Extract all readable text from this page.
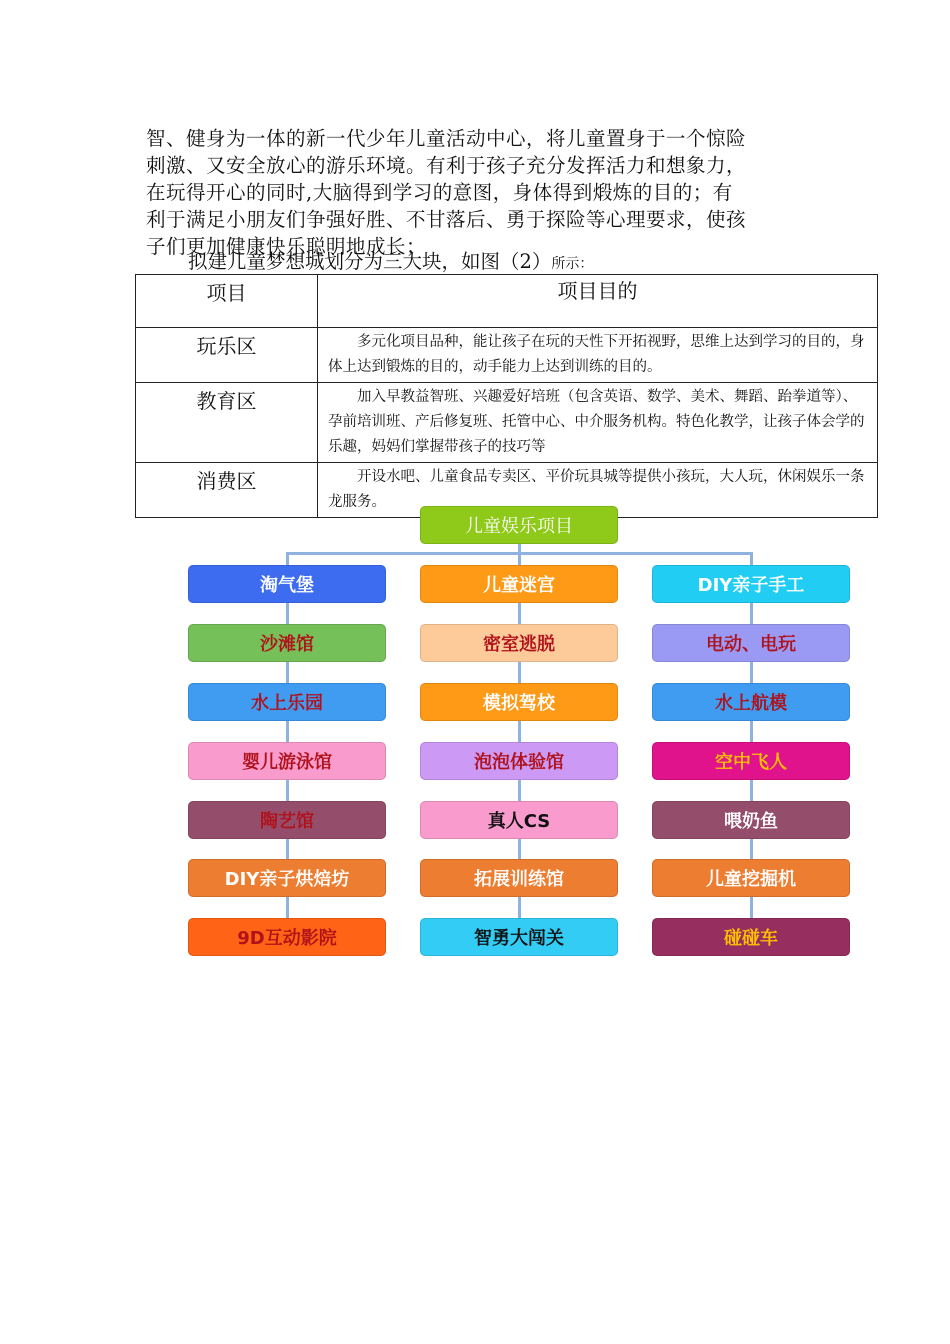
智、健身为一体的新一代少年儿童活动中心，将儿童置身于一个惊险

刺激、又安全放心的游乐环境。有利于孩子充分发挥活力和想象力，

在玩得开心的同时,大脑得到学习的意图，身体得到煅炼的目的；有

利于满足小朋友们争强好胜、不甘落后、勇于探险等心理要求，使孩

子们更加健康快乐聪明地成长；

拟建儿童梦想城划分为三大块，如图（2）所示：
项目	项目目的
玩乐区	多元化项目品种，能让孩子在玩的天性下开拓视野，思维上达到学习的目的，身体上达到锻炼的目的，动手能力上达到训练的目的。
教育区	加入早教益智班、兴趣爱好培班（包含英语、数学、美术、舞蹈、跆拳道等）、孕前培训班、产后修复班、托管中心、中介服务机构。特色化教学，让孩子体会学的乐趣，妈妈们掌握带孩子的技巧等
消费区	开设水吧、儿童食品专卖区、平价玩具城等提供小孩玩，大人玩，休闲娱乐一条龙服务。
儿童娱乐项目
淘气堡
沙滩馆
水上乐园
婴儿游泳馆
陶艺馆
DIY亲子烘焙坊
9D互动影院
儿童迷宫
密室逃脱
模拟驾校
泡泡体验馆
真人CS
拓展训练馆
智勇大闯关
DIY亲子手工
电动、电玩
水上航模
空中飞人
喂奶鱼
儿童挖掘机
碰碰车
